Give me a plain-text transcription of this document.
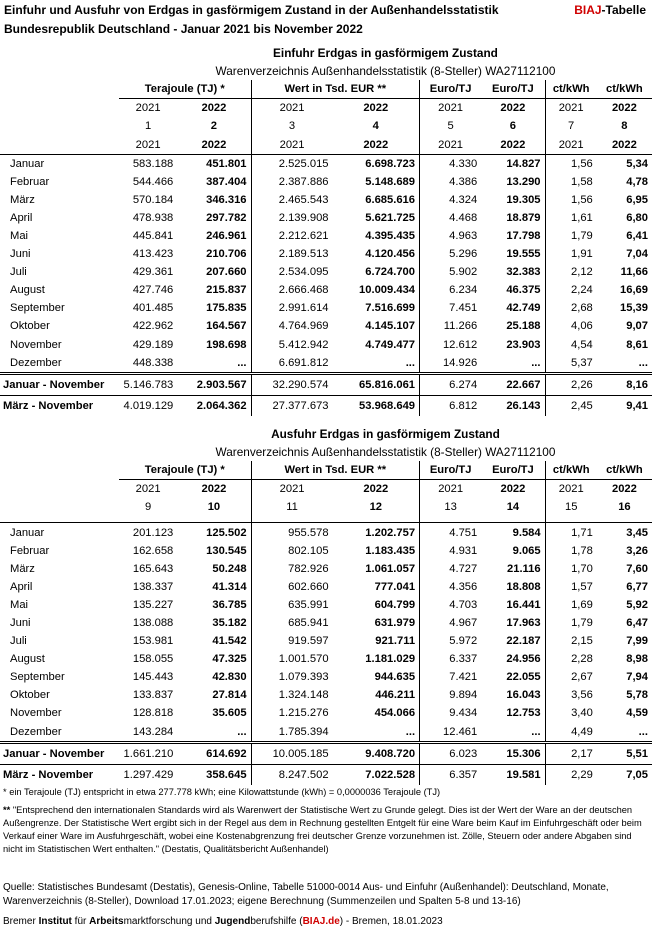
Einfuhr und Ausfuhr von Erdgas in gasförmigem Zustand in der Außenhandelsstatistik
Bundesrepublik Deutschland - Januar 2021 bis November 2022
BIAJ-Tabelle
	Einfuhr Erdgas in gasförmigem Zustand							
	Warenverzeichnis Außenhandelsstatistik (8-Steller) WA27112100							
	Terajoule (TJ) *		Wert in Tsd. EUR **		Euro/TJ	Euro/TJ	ct/kWh	ct/kWh
	2021	2022	2021	2022	2021	2022	2021	2022
	1	2	3	4	5	6	7	8
	2021	2022	2021	2022	2021	2022	2021	2022
Januar	583.188	451.801	2.525.015	6.698.723	4.330	14.827	1,56	5,34
Februar	544.466	387.404	2.387.886	5.148.689	4.386	13.290	1,58	4,78
März	570.184	346.316	2.465.543	6.685.616	4.324	19.305	1,56	6,95
April	478.938	297.782	2.139.908	5.621.725	4.468	18.879	1,61	6,80
Mai	445.841	246.961	2.212.621	4.395.435	4.963	17.798	1,79	6,41
Juni	413.423	210.706	2.189.513	4.120.456	5.296	19.555	1,91	7,04
Juli	429.361	207.660	2.534.095	6.724.700	5.902	32.383	2,12	11,66
August	427.746	215.837	2.666.468	10.009.434	6.234	46.375	2,24	16,69
September	401.485	175.835	2.991.614	7.516.699	7.451	42.749	2,68	15,39
Oktober	422.962	164.567	4.764.969	4.145.107	11.266	25.188	4,06	9,07
November	429.189	198.698	5.412.942	4.749.477	12.612	23.903	4,54	8,61
Dezember	448.338	...	6.691.812	...	14.926	...	5,37	...
Januar - November	5.146.783	2.903.567	32.290.574	65.816.061	6.274	22.667	2,26	8,16
März - November	4.019.129	2.064.362	27.377.673	53.968.649	6.812	26.143	2,45	9,41
	Ausfuhr Erdgas in gasförmigem Zustand							
	Warenverzeichnis Außenhandelsstatistik (8-Steller) WA27112100							
	Terajoule (TJ) *		Wert in Tsd. EUR **		Euro/TJ	Euro/TJ	ct/kWh	ct/kWh
	2021	2022	2021	2022	2021	2022	2021	2022
	9	10	11	12	13	14	15	16

Januar	201.123	125.502	955.578	1.202.757	4.751	9.584	1,71	3,45
Februar	162.658	130.545	802.105	1.183.435	4.931	9.065	1,78	3,26
März	165.643	50.248	782.926	1.061.057	4.727	21.116	1,70	7,60
April	138.337	41.314	602.660	777.041	4.356	18.808	1,57	6,77
Mai	135.227	36.785	635.991	604.799	4.703	16.441	1,69	5,92
Juni	138.088	35.182	685.941	631.979	4.967	17.963	1,79	6,47
Juli	153.981	41.542	919.597	921.711	5.972	22.187	2,15	7,99
August	158.055	47.325	1.001.570	1.181.029	6.337	24.956	2,28	8,98
September	145.443	42.830	1.079.393	944.635	7.421	22.055	2,67	7,94
Oktober	133.837	27.814	1.324.148	446.211	9.894	16.043	3,56	5,78
November	128.818	35.605	1.215.276	454.066	9.434	12.753	3,40	4,59
Dezember	143.284	...	1.785.394	...	12.461	...	4,49	...
Januar - November	1.661.210	614.692	10.005.185	9.408.720	6.023	15.306	2,17	5,51
März - November	1.297.429	358.645	8.247.502	7.022.528	6.357	19.581	2,29	7,05
* ein Terajoule (TJ) entspricht in etwa 277.778 kWh; eine Kilowattstunde (kWh) = 0,0000036 Terajoule (TJ)
** "Entsprechend den internationalen Standards wird als Warenwert der Statistische Wert zu Grunde gelegt. Dies ist der Wert der Ware an der deutschen Außengrenze. Der Statistische Wert ergibt sich in der Regel aus dem in Rechnung gestellten Entgelt für eine Ware beim Kauf im Einfuhrgeschäft oder beim Verkauf einer Ware im Ausfuhrgeschäft, wobei eine Kostenabgrenzung frei deutscher Grenze vorzunehmen ist. Zölle, Steuern oder andere Abgaben sind nicht im Statistischen Wert enthalten." (Destatis, Qualitätsbericht Außenhandel)
Quelle: Statistisches Bundesamt (Destatis), Genesis-Online, Tabelle 51000-0014 Aus- und Einfuhr (Außenhandel): Deutschland, Monate, Warenverzeichnis (8-Steller), Download 17.01.2023; eigene Berechnung (Summenzeilen und Spalten 5-8 und 13-16)
Bremer Institut für Arbeitsmarktforschung und Jugendberufshilfe (BIAJ.de) - Bremen, 18.01.2023
